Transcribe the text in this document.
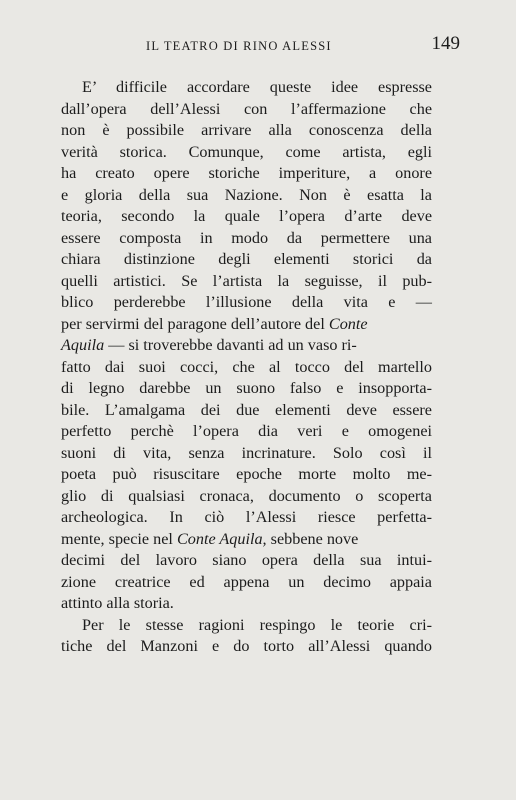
IL TEATRO DI RINO ALESSI	149
E’ difficile accordare queste idee espresse
dall’opera dell’Alessi con l’affermazione che
non è possibile arrivare alla conoscenza della
verità storica. Comunque, come artista, egli
ha creato opere storiche imperiture, a onore
e gloria della sua Nazione. Non è esatta la
teoria, secondo la quale l’opera d’arte deve
essere composta in modo da permettere una
chiara distinzione degli elementi storici da
quelli artistici. Se l’artista la seguisse, il pub-
blico perderebbe l’illusione della vita e —
per servirmi del paragone dell’autore del Conte
Aquila — si troverebbe davanti ad un vaso ri-
fatto dai suoi cocci, che al tocco del martello
di legno darebbe un suono falso e insopporta-
bile. L’amalgama dei due elementi deve essere
perfetto perchè l’opera dia veri e omogenei
suoni di vita, senza incrinature. Solo così il
poeta può risuscitare epoche morte molto me-
glio di qualsiasi cronaca, documento o scoperta
archeologica. In ciò l’Alessi riesce perfetta-
mente, specie nel Conte Aquila, sebbene nove
decimi del lavoro siano opera della sua intui-
zione creatrice ed appena un decimo appaia
attinto alla storia.
Per le stesse ragioni respingo le teorie cri-
tiche del Manzoni e do torto all’Alessi quando
